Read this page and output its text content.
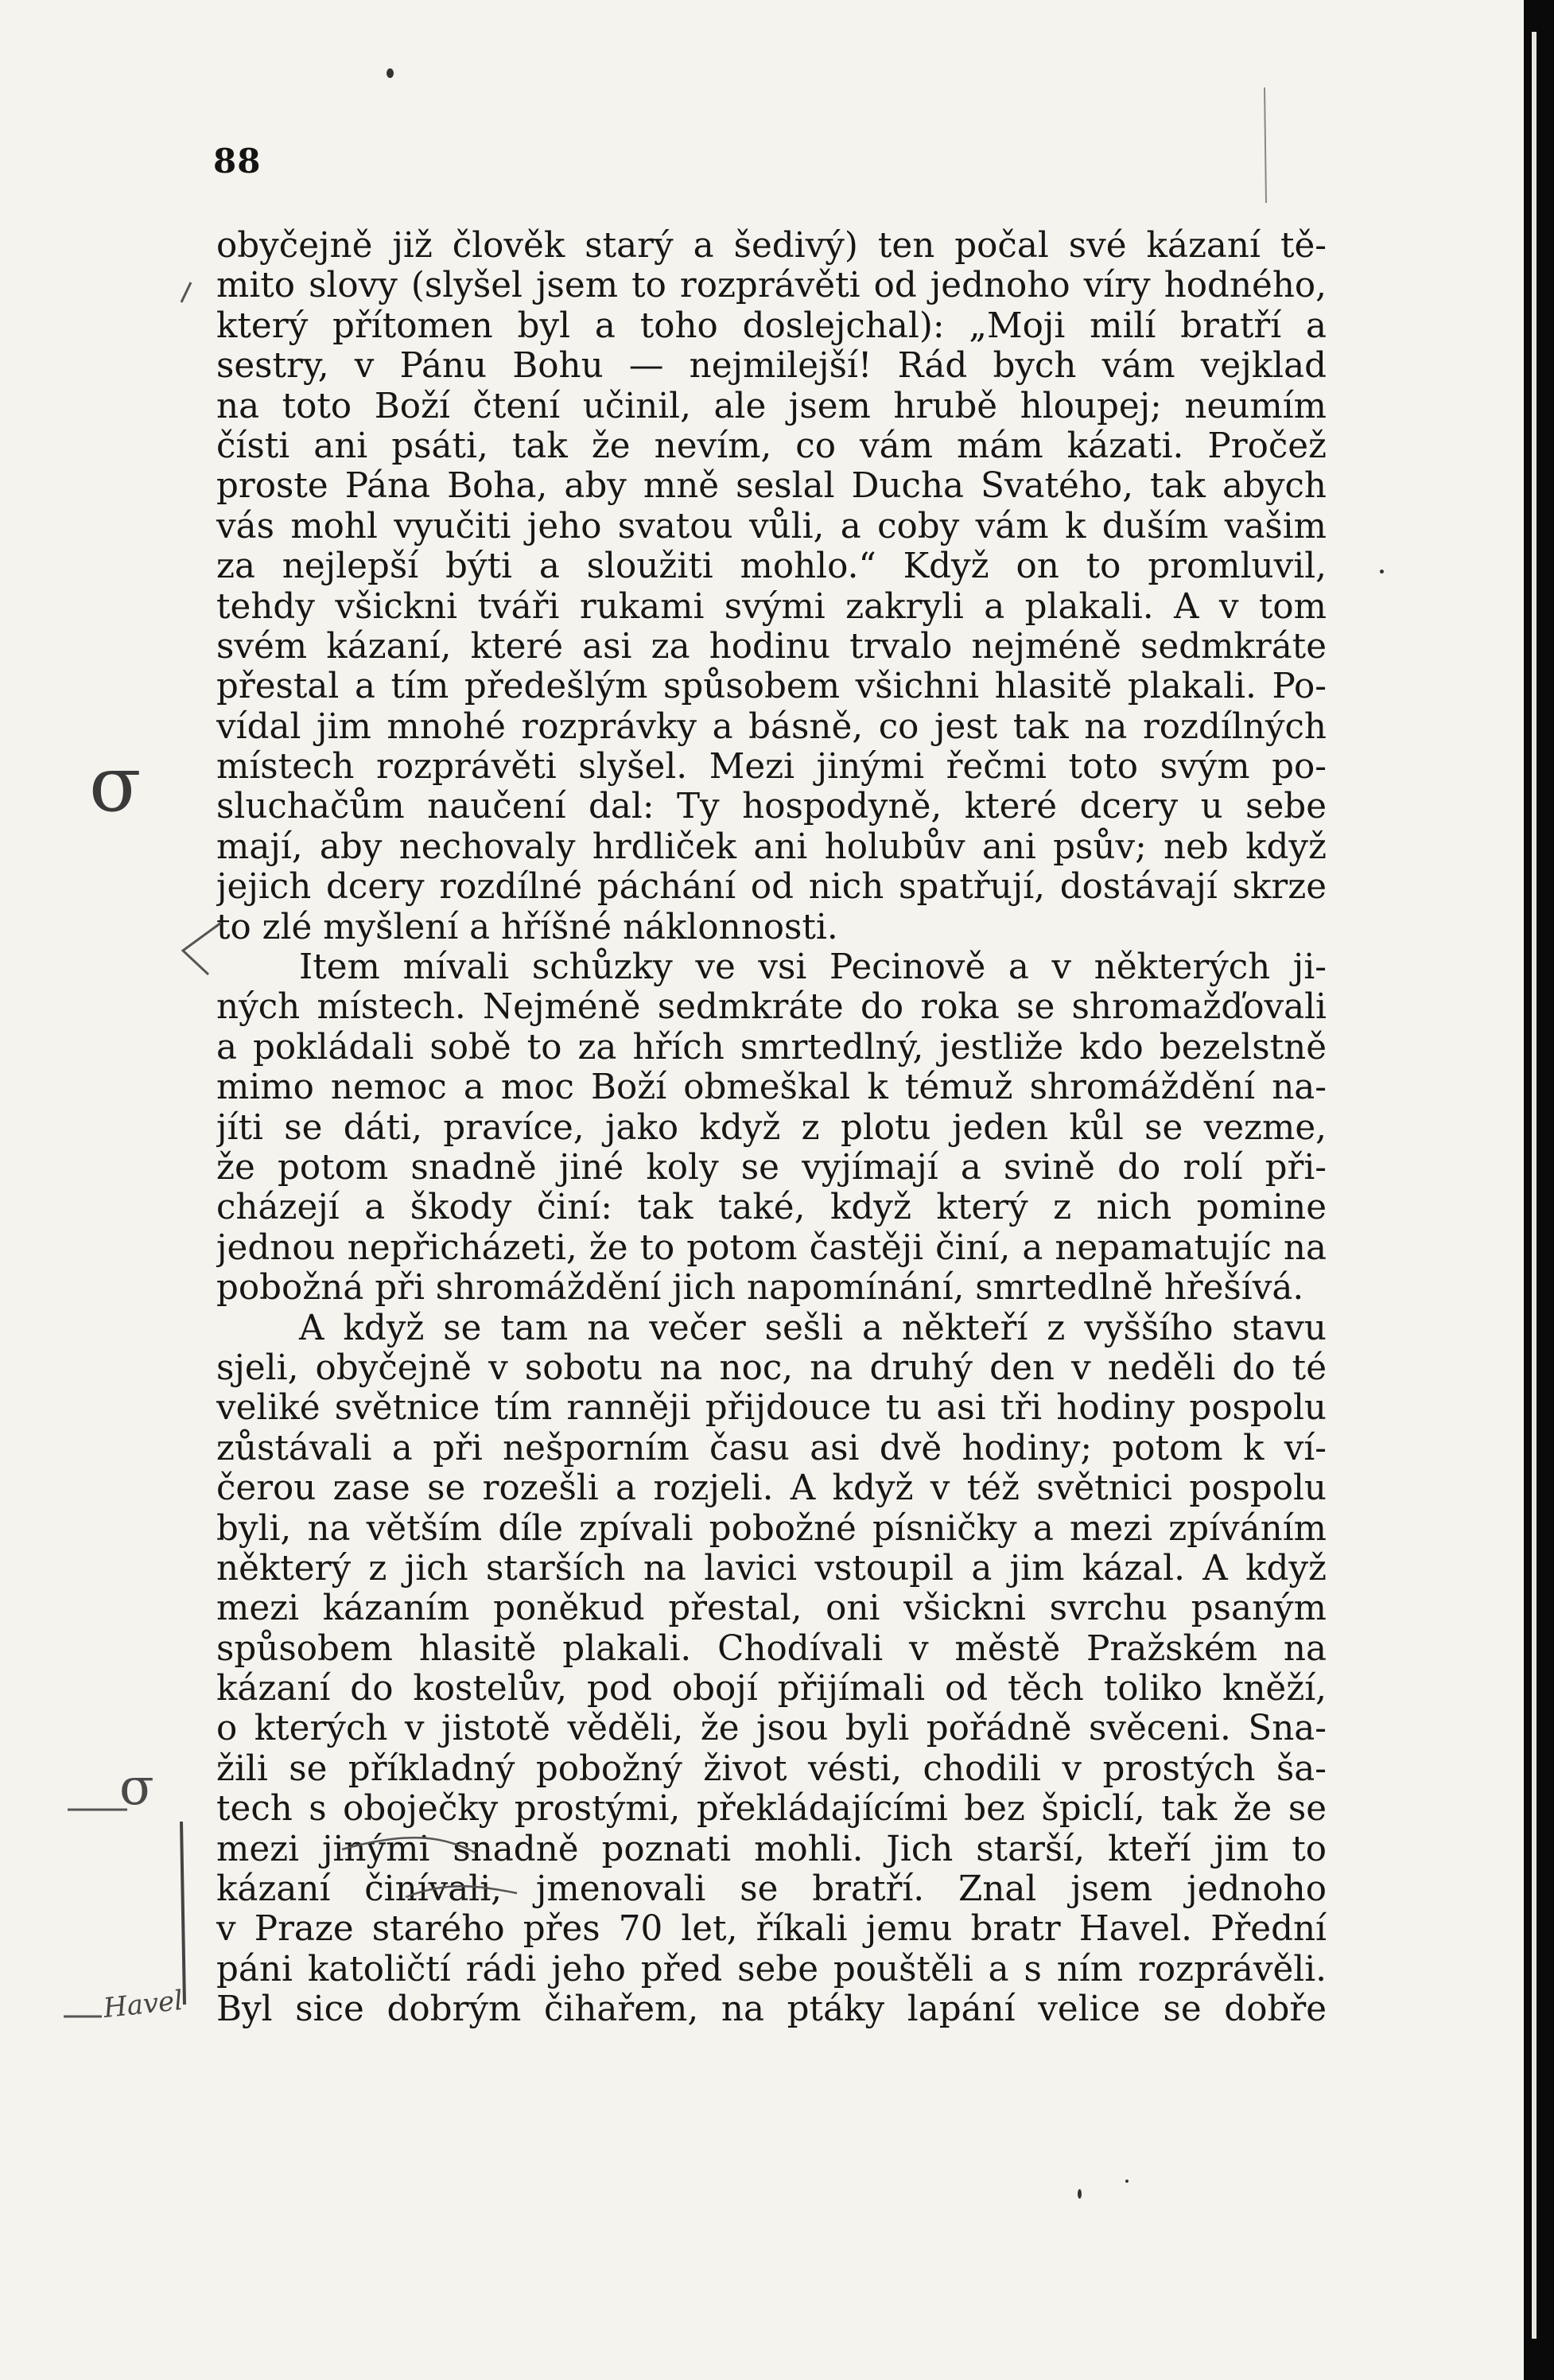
88
obyčejně již člověk starý a šedivý) ten počal své kázaní tě-
mito slovy (slyšel jsem to rozprávěti od jednoho víry hodného,
který přítomen byl a toho doslejchal): „Moji milí bratří a
sestry, v Pánu Bohu — nejmilejší! Rád bych vám vejklad
na toto Boží čtení učinil, ale jsem hrubě hloupej; neumím
čísti ani psáti, tak že nevím, co vám mám kázati. Pročež
proste Pána Boha, aby mně seslal Ducha Svatého, tak abych
vás mohl vyučiti jeho svatou vůli, a coby vám k duším vašim
za nejlepší býti a sloužiti mohlo.“ Když on to promluvil,
tehdy všickni tváři rukami svými zakryli a plakali. A v tom
svém kázaní, které asi za hodinu trvalo nejméně sedmkráte
přestal a tím předešlým spůsobem všichni hlasitě plakali. Po-
vídal jim mnohé rozprávky a básně, co jest tak na rozdílných
místech rozprávěti slyšel. Mezi jinými řečmi toto svým po-
sluchačům naučení dal: Ty hospodyně, které dcery u sebe
mají, aby nechovaly hrdliček ani holubův ani psův; neb když
jejich dcery rozdílné páchání od nich spatřují, dostávají skrze
to zlé myšlení a hříšné náklonnosti.
Item mívali schůzky ve vsi Pecinově a v některých ji-
ných místech. Nejméně sedmkráte do roka se shromažďovali
a pokládali sobě to za hřích smrtedlný, jestliže kdo bezelstně
mimo nemoc a moc Boží obmeškal k témuž shromáždění na-
jíti se dáti, pravíce, jako když z plotu jeden kůl se vezme,
že potom snadně jiné koly se vyjímají a svině do rolí při-
cházejí a škody činí: tak také, když který z nich pomine
jednou nepřicházeti, že to potom častěji činí, a nepamatujíc na
pobožná při shromáždění jich napomínání, smrtedlně hřešívá.
A když se tam na večer sešli a někteří z vyššího stavu
sjeli, obyčejně v sobotu na noc, na druhý den v neděli do té
veliké světnice tím ranněji přijdouce tu asi tři hodiny pospolu
zůstávali a při nešporním času asi dvě hodiny; potom k ví-
čerou zase se rozešli a rozjeli. A když v též světnici pospolu
byli, na větším díle zpívali pobožné písničky a mezi zpíváním
některý z jich starších na lavici vstoupil a jim kázal. A když
mezi kázaním poněkud přestal, oni všickni svrchu psaným
spůsobem hlasitě plakali. Chodívali v městě Pražském na
kázaní do kostelův, pod obojí přijímali od těch toliko kněží,
o kterých v jistotě věděli, že jsou byli pořádně svěceni. Sna-
žili se příkladný pobožný život vésti, chodili v prostých ša-
tech s oboječky prostými, překládajícími bez špiclí, tak že se
mezi jinými snadně poznati mohli. Jich starší, kteří jim to
kázaní činívali, jmenovali se bratří. Znal jsem jednoho
v Praze starého přes 70 let, říkali jemu bratr Havel. Přední
páni katoličtí rádi jeho před sebe pouštěli a s ním rozprávěli.
Byl sice dobrým čihařem, na ptáky lapání velice se dobře
σ
σ
Havel
